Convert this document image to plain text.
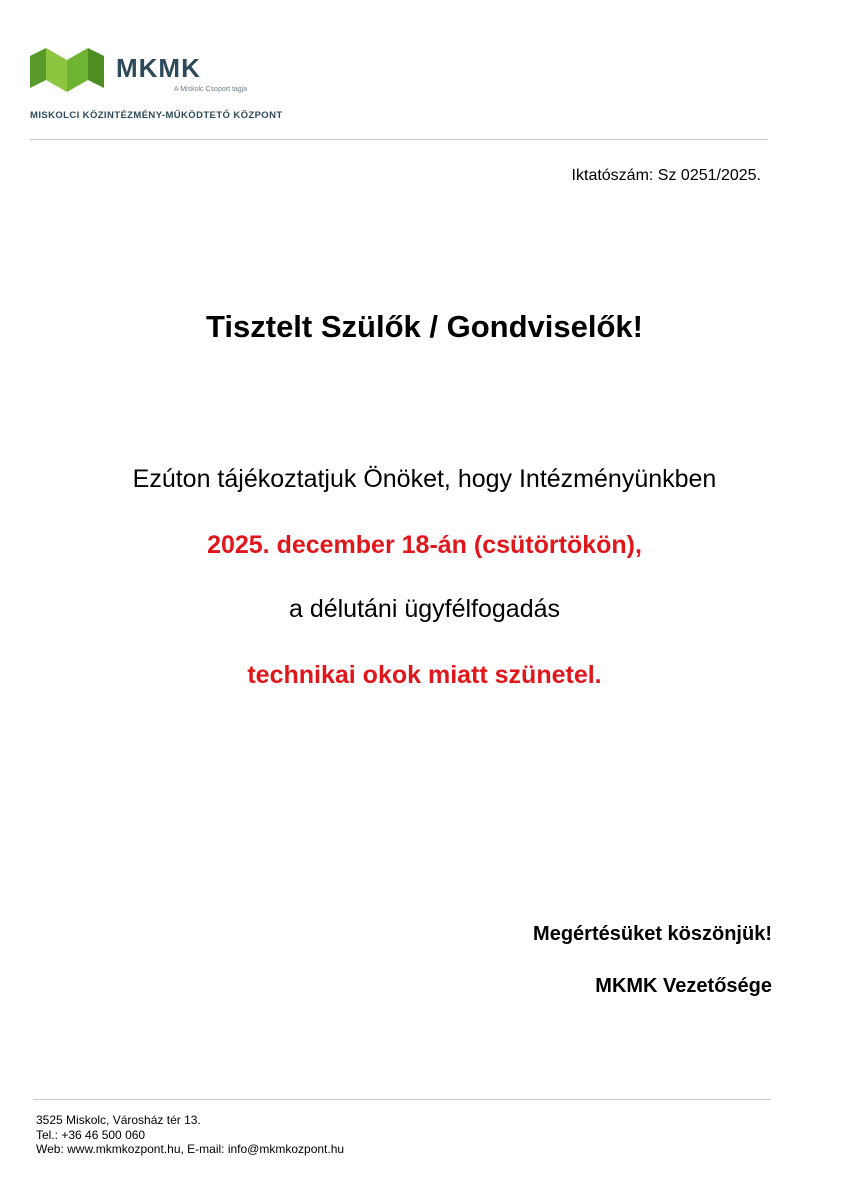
MKMK
A Miskolc Csoport tagja
MISKOLCI KÖZINTÉZMÉNY-MŰKÖDTETŐ KÖZPONT
Iktatószám: Sz 0251/2025.
Tisztelt Szülők / Gondviselők!
Ezúton tájékoztatjuk Önöket, hogy Intézményünkben
2025. december 18-án (csütörtökön),
a délutáni ügyfélfogadás
technikai okok miatt szünetel.
Megértésüket köszönjük!
MKMK Vezetősége
3525 Miskolc, Városház tér 13.
Tel.: +36 46 500 060
Web: www.mkmkozpont.hu, E-mail: info@mkmkozpont.hu
